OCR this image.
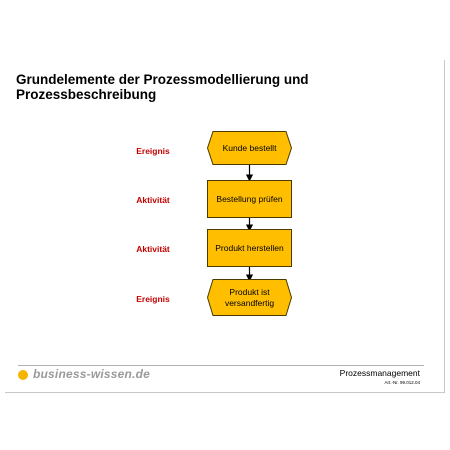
Grundelemente der Prozessmodellierung und Prozessbeschreibung
Ereignis
Aktivität
Aktivität
Ereignis
Kunde bestellt
Bestellung prüfen
Produkt herstellen
Produkt ist versandfertig
business-wissen.de	Prozessmanagement
Art.-Nr. 99.012.04
